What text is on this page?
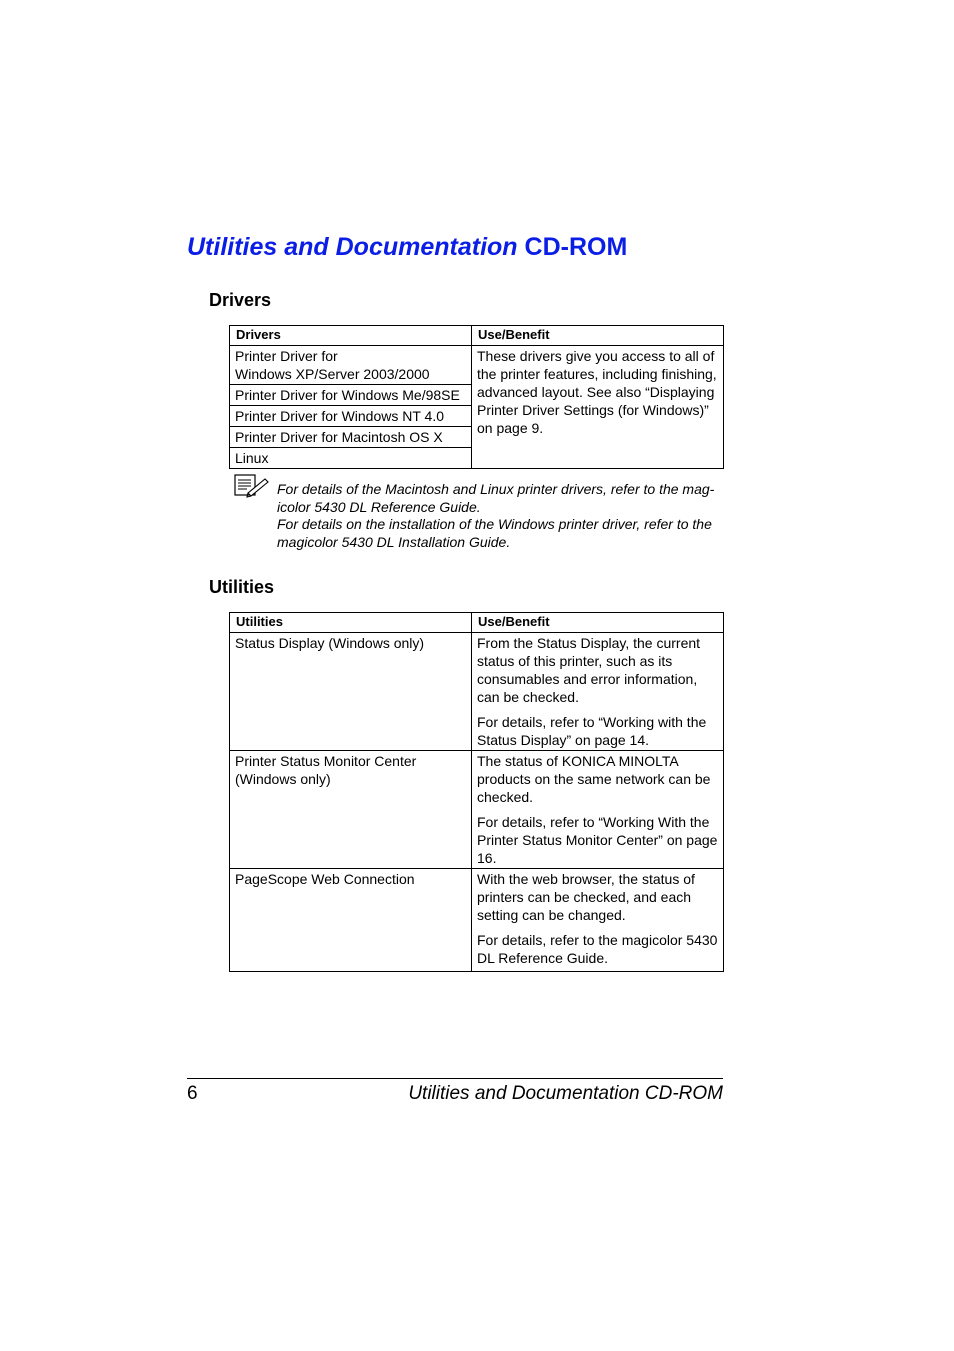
Utilities and Documentation CD-ROM
Drivers
Drivers	Use/Benefit
Printer Driver for
Windows XP/Server 2003/2000	These drivers give you access to all of the printer features, including finishing, advanced layout. See also “Displaying Printer Driver Settings (for Windows)” on page 9.
Printer Driver for Windows Me/98SE	
Printer Driver for Windows NT 4.0	
Printer Driver for Macintosh OS X	
Linux	

For details of the Macintosh and Linux printer drivers, refer to the mag-icolor 5430 DL Reference Guide.

For details on the installation of the Windows printer driver, refer to the magicolor 5430 DL Installation Guide.

Utilities
Utilities	Use/Benefit
Status Display (Windows only)	From the Status Display, the current status of this printer, such as its consumables and error information, can be checked.

For details, refer to “Working with the Status Display” on page 14.

Printer Status Monitor Center (Windows only)	The status of KONICA MINOLTA products on the same network can be checked.

For details, refer to “Working With the Printer Status Monitor Center” on page 16.

PageScope Web Connection	With the web browser, the status of printers can be checked, and each setting can be changed.

For details, refer to the magicolor 5430 DL Reference Guide.

6	Utilities and Documentation CD-ROM
